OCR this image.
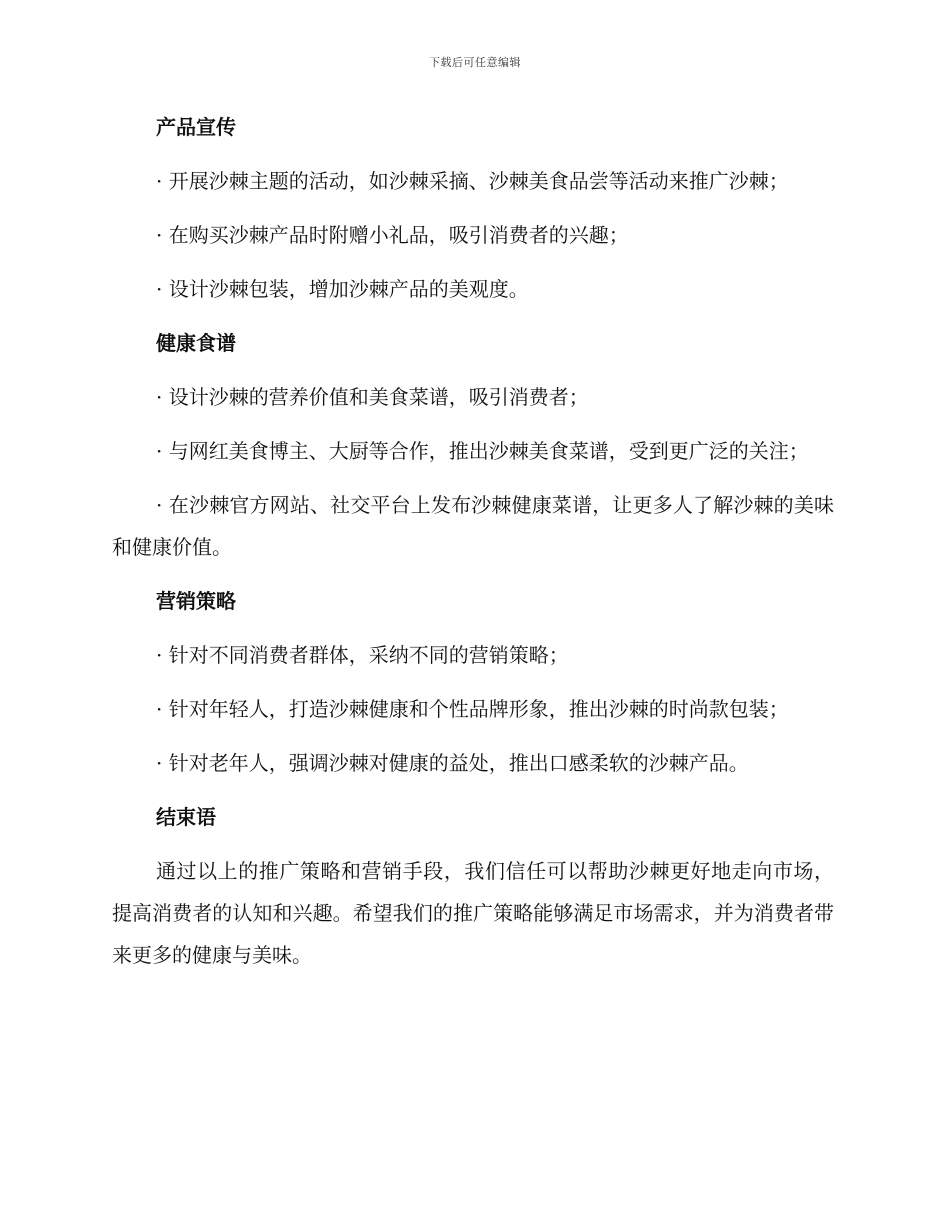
下载后可任意编辑
产品宣传

· 开展沙棘主题的活动，如沙棘采摘、沙棘美食品尝等活动来推广沙棘；

· 在购买沙棘产品时附赠小礼品，吸引消费者的兴趣；

· 设计沙棘包装，增加沙棘产品的美观度。

健康食谱

· 设计沙棘的营养价值和美食菜谱，吸引消费者；

· 与网红美食博主、大厨等合作，推出沙棘美食菜谱，受到更广泛的关注；

· 在沙棘官方网站、社交平台上发布沙棘健康菜谱，让更多人了解沙棘的美味和健康价值。

营销策略

· 针对不同消费者群体，采纳不同的营销策略；

· 针对年轻人，打造沙棘健康和个性品牌形象，推出沙棘的时尚款包装；

· 针对老年人，强调沙棘对健康的益处，推出口感柔软的沙棘产品。

结束语

通过以上的推广策略和营销手段，我们信任可以帮助沙棘更好地走向市场，提高消费者的认知和兴趣。希望我们的推广策略能够满足市场需求，并为消费者带来更多的健康与美味。
